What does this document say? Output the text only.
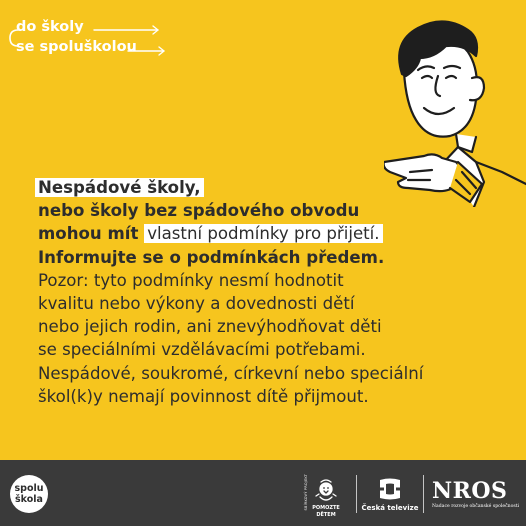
do školy
se spoluškolou
Nespádové školy,
nebo školy bez spádového obvodu
mohou mít vlastní podmínky pro přijetí.
Informujte se o podmínkách předem.
Pozor: tyto podmínky nesmí hodnotit
kvalitu nebo výkony a dovednosti dětí
nebo jejich rodin, ani znevýhodňovat děti
se speciálními vzdělávacími potřebami.
Nespádové, soukromé, církevní nebo speciální
škol(k)y nemají povinnost dítě přijmout.
spolu
škola	SBÍRKOVÝ PROJEKT POMOZTE
DĚTEM
Česká televize
NROS
Nadace rozvoje občanské společnosti
